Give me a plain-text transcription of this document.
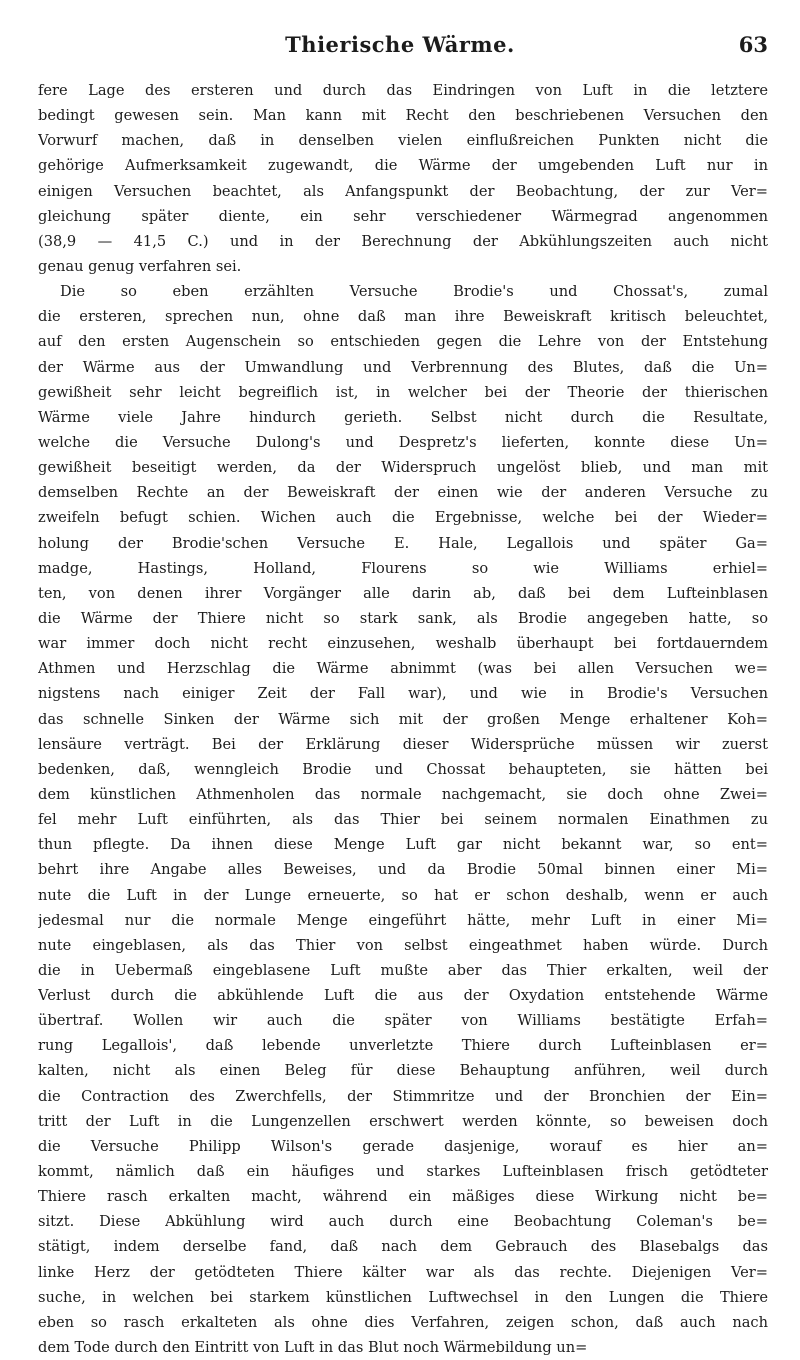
Thierische Wärme.	63
fere Lage des ersteren und durch das Eindringen von Luft in die letztere
bedingt gewesen sein. Man kann mit Recht den beschriebenen Versuchen den
Vorwurf machen, daß in denselben vielen einflußreichen Punkten nicht die
gehörige Aufmerksamkeit zugewandt, die Wärme der umgebenden Luft nur in
einigen Versuchen beachtet, als Anfangspunkt der Beobachtung, der zur Ver=
gleichung später diente, ein sehr verschiedener Wärmegrad angenommen
(38,9 — 41,5 C.) und in der Berechnung der Abkühlungszeiten auch nicht
genau genug verfahren sei.
Die so eben erzählten Versuche Brodie's und Chossat's, zumal
die ersteren, sprechen nun, ohne daß man ihre Beweiskraft kritisch beleuchtet,
auf den ersten Augenschein so entschieden gegen die Lehre von der Entstehung
der Wärme aus der Umwandlung und Verbrennung des Blutes, daß die Un=
gewißheit sehr leicht begreiflich ist, in welcher bei der Theorie der thierischen
Wärme viele Jahre hindurch gerieth. Selbst nicht durch die Resultate,
welche die Versuche Dulong's und Despretz's lieferten, konnte diese Un=
gewißheit beseitigt werden, da der Widerspruch ungelöst blieb, und man mit
demselben Rechte an der Beweiskraft der einen wie der anderen Versuche zu
zweifeln befugt schien. Wichen auch die Ergebnisse, welche bei der Wieder=
holung der Brodie'schen Versuche E. Hale, Legallois und später Ga=
madge, Hastings, Holland, Flourens so wie Williams erhiel=
ten, von denen ihrer Vorgänger alle darin ab, daß bei dem Lufteinblasen
die Wärme der Thiere nicht so stark sank, als Brodie angegeben hatte, so
war immer doch nicht recht einzusehen, weshalb überhaupt bei fortdauerndem
Athmen und Herzschlag die Wärme abnimmt (was bei allen Versuchen we=
nigstens nach einiger Zeit der Fall war), und wie in Brodie's Versuchen
das schnelle Sinken der Wärme sich mit der großen Menge erhaltener Koh=
lensäure verträgt. Bei der Erklärung dieser Widersprüche müssen wir zuerst
bedenken, daß, wenngleich Brodie und Chossat behaupteten, sie hätten bei
dem künstlichen Athmenholen das normale nachgemacht, sie doch ohne Zwei=
fel mehr Luft einführten, als das Thier bei seinem normalen Einathmen zu
thun pflegte. Da ihnen diese Menge Luft gar nicht bekannt war, so ent=
behrt ihre Angabe alles Beweises, und da Brodie 50mal binnen einer Mi=
nute die Luft in der Lunge erneuerte, so hat er schon deshalb, wenn er auch
jedesmal nur die normale Menge eingeführt hätte, mehr Luft in einer Mi=
nute eingeblasen, als das Thier von selbst eingeathmet haben würde. Durch
die in Uebermaß eingeblasene Luft mußte aber das Thier erkalten, weil der
Verlust durch die abkühlende Luft die aus der Oxydation entstehende Wärme
übertraf. Wollen wir auch die später von Williams bestätigte Erfah=
rung Legallois', daß lebende unverletzte Thiere durch Lufteinblasen er=
kalten, nicht als einen Beleg für diese Behauptung anführen, weil durch
die Contraction des Zwerchfells, der Stimmritze und der Bronchien der Ein=
tritt der Luft in die Lungenzellen erschwert werden könnte, so beweisen doch
die Versuche Philipp Wilson's gerade dasjenige, worauf es hier an=
kommt, nämlich daß ein häufiges und starkes Lufteinblasen frisch getödteter
Thiere rasch erkalten macht, während ein mäßiges diese Wirkung nicht be=
sitzt. Diese Abkühlung wird auch durch eine Beobachtung Coleman's be=
stätigt, indem derselbe fand, daß nach dem Gebrauch des Blasebalgs das
linke Herz der getödteten Thiere kälter war als das rechte. Diejenigen Ver=
suche, in welchen bei starkem künstlichen Luftwechsel in den Lungen die Thiere
eben so rasch erkalteten als ohne dies Verfahren, zeigen schon, daß auch nach
dem Tode durch den Eintritt von Luft in das Blut noch Wärmebildung un=
